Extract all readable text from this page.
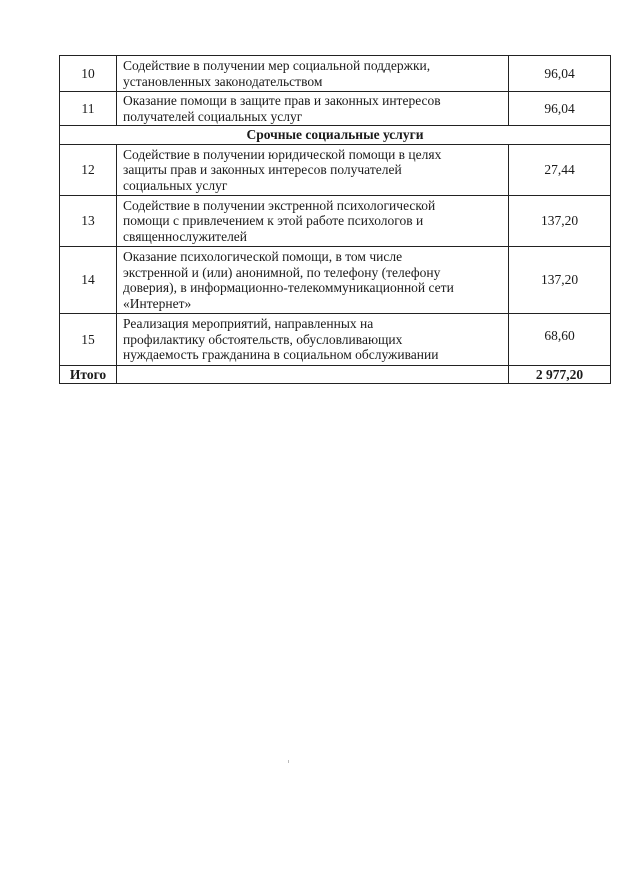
10	Содействие в получении мер социальной поддержки,
установленных законодательством	96,04
11	Оказание помощи в защите прав и законных интересов
получателей социальных услуг	96,04
Срочные социальные услуги		
12	Содействие в получении юридической помощи в целях
защиты прав и законных интересов получателей
социальных услуг	27,44
13	Содействие в получении экстренной психологической
помощи с привлечением к этой работе психологов и
священнослужителей	137,20
14	Оказание психологической помощи, в том числе
экстренной и (или) анонимной, по телефону (телефону
доверия), в информационно-телекоммуникационной сети
«Интернет»	137,20
15	Реализация мероприятий, направленных на
профилактику обстоятельств, обусловливающих
нуждаемость гражданина в социальном обслуживании	68,60
Итого		2 977,20
